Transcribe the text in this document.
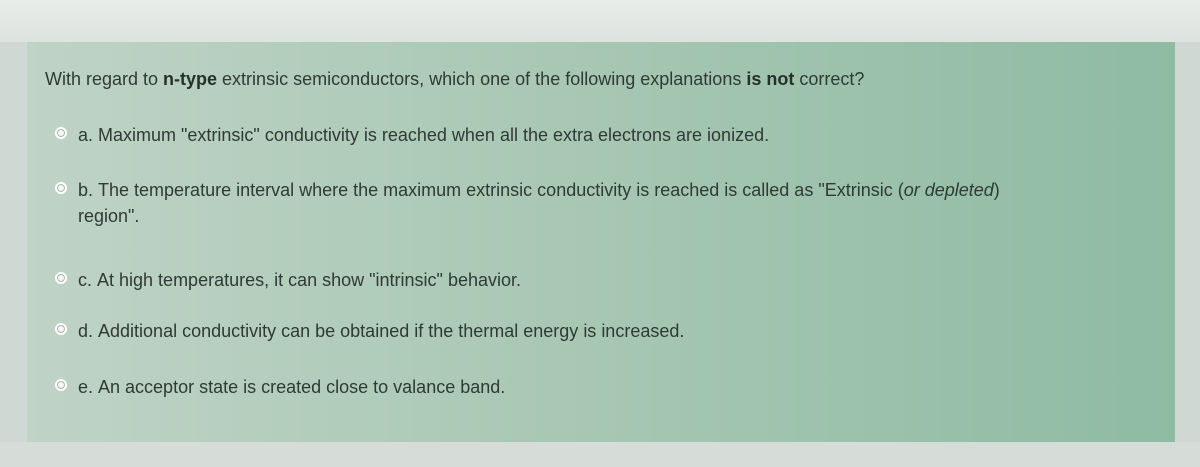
With regard to n-type extrinsic semiconductors, which one of the following explanations is not correct?
a. Maximum "extrinsic" conductivity is reached when all the extra electrons are ionized.
b. The temperature interval where the maximum extrinsic conductivity is reached is called as "Extrinsic (or depleted)
region".
c. At high temperatures, it can show "intrinsic" behavior.
d. Additional conductivity can be obtained if the thermal energy is increased.
e. An acceptor state is created close to valance band.
